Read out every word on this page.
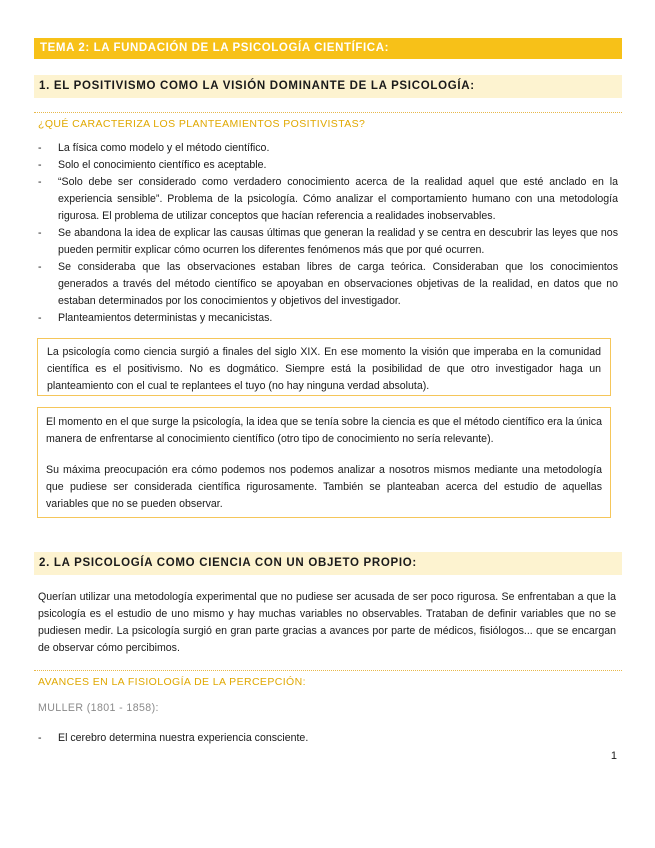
TEMA 2: LA FUNDACIÓN DE LA PSICOLOGÍA CIENTÍFICA:
1. EL POSITIVISMO COMO LA VISIÓN DOMINANTE DE LA PSICOLOGÍA:
¿QUÉ CARACTERIZA LOS PLANTEAMIENTOS POSITIVISTAS?
- La física como modelo y el método científico.
- Solo el conocimiento científico es aceptable.
- “Solo debe ser considerado como verdadero conocimiento acerca de la realidad aquel que esté anclado en la experiencia sensible”. Problema de la psicología. Cómo analizar el comportamiento humano con una metodología rigurosa. El problema de utilizar conceptos que hacían referencia a realidades inobservables.
- Se abandona la idea de explicar las causas últimas que generan la realidad y se centra en descubrir las leyes que nos pueden permitir explicar cómo ocurren los diferentes fenómenos más que por qué ocurren.
- Se consideraba que las observaciones estaban libres de carga teórica. Consideraban que los conocimientos generados a través del método científico se apoyaban en observaciones objetivas de la realidad, en datos que no estaban determinados por los conocimientos y objetivos del investigador.
- Planteamientos deterministas y mecanicistas.

La psicología como ciencia surgió a finales del siglo XIX. En ese momento la visión que imperaba en la comunidad científica es el positivismo. No es dogmático. Siempre está la posibilidad de que otro investigador haga un planteamiento con el cual te replantees el tuyo (no hay ninguna verdad absoluta).

El momento en el que surge la psicología, la idea que se tenía sobre la ciencia es que el método científico era la única manera de enfrentarse al conocimiento científico (otro tipo de conocimiento no sería relevante).

Su máxima preocupación era cómo podemos nos podemos analizar a nosotros mismos mediante una metodología que pudiese ser considerada científica rigurosamente. También se planteaban acerca del estudio de aquellas variables que no se pueden observar.

2. LA PSICOLOGÍA COMO CIENCIA CON UN OBJETO PROPIO:

Querían utilizar una metodología experimental que no pudiese ser acusada de ser poco rigurosa. Se enfrentaban a que la psicología es el estudio de uno mismo y hay muchas variables no observables. Trataban de definir variables que no se pudiesen medir. La psicología surgió en gran parte gracias a avances por parte de médicos, fisiólogos... que se encargan de observar cómo percibimos.

AVANCES EN LA FISIOLOGÍA DE LA PERCEPCIÓN:
MULLER (1801 - 1858):
- El cerebro determina nuestra experiencia consciente.
1
